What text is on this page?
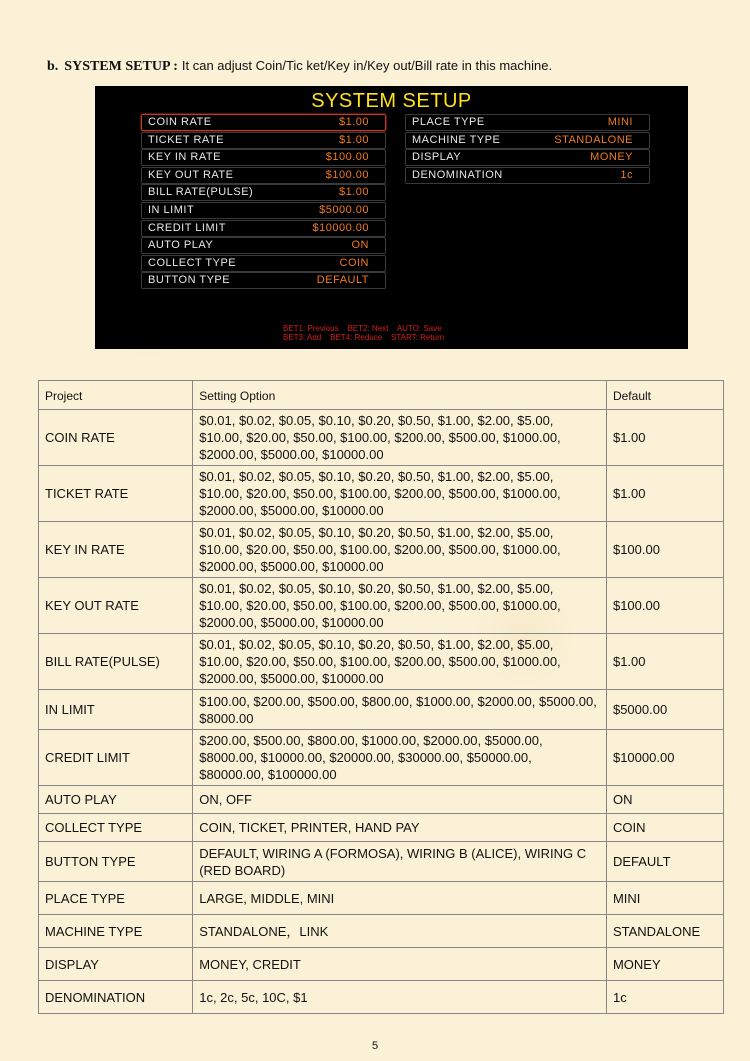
b. SYSTEM SETUP : It can adjust Coin/Tic ket/Key in/Key out/Bill rate in this machine.
SYSTEM SETUP
COIN RATE	$1.00
TICKET RATE	$1.00
KEY IN RATE	$100.00
KEY OUT RATE	$100.00
BILL RATE(PULSE)	$1.00
IN LIMIT	$5000.00
CREDIT LIMIT	$10000.00
AUTO PLAY	ON
COLLECT TYPE	COIN
BUTTON TYPE	DEFAULT
PLACE TYPE	MINI
MACHINE TYPE	STANDALONE
DISPLAY	MONEY
DENOMINATION	1c
BET1: Previous    BET2: Next    AUTO: Save
BET3: Add    BET4: Reduce    START: Return
Project	Setting Option	Default
COIN RATE	$0.01, $0.02, $0.05, $0.10, $0.20, $0.50, $1.00, $2.00, $5.00, $10.00, $20.00, $50.00, $100.00, $200.00, $500.00, $1000.00, $2000.00, $5000.00, $10000.00	$1.00
TICKET RATE	$0.01, $0.02, $0.05, $0.10, $0.20, $0.50, $1.00, $2.00, $5.00, $10.00, $20.00, $50.00, $100.00, $200.00, $500.00, $1000.00, $2000.00, $5000.00, $10000.00	$1.00
KEY IN RATE	$0.01, $0.02, $0.05, $0.10, $0.20, $0.50, $1.00, $2.00, $5.00, $10.00, $20.00, $50.00, $100.00, $200.00, $500.00, $1000.00, $2000.00, $5000.00, $10000.00	$100.00
KEY OUT RATE	$0.01, $0.02, $0.05, $0.10, $0.20, $0.50, $1.00, $2.00, $5.00, $10.00, $20.00, $50.00, $100.00, $200.00, $500.00, $1000.00, $2000.00, $5000.00, $10000.00	$100.00
BILL RATE(PULSE)	$0.01, $0.02, $0.05, $0.10, $0.20, $0.50, $1.00, $2.00, $5.00, $10.00, $20.00, $50.00, $100.00, $200.00, $500.00, $1000.00, $2000.00, $5000.00, $10000.00	$1.00
IN LIMIT	$100.00, $200.00, $500.00, $800.00, $1000.00, $2000.00, $5000.00, $8000.00	$5000.00
CREDIT LIMIT	$200.00, $500.00, $800.00, $1000.00, $2000.00, $5000.00, $8000.00, $10000.00, $20000.00, $30000.00, $50000.00, $80000.00, $100000.00	$10000.00
AUTO PLAY	ON, OFF	ON
COLLECT TYPE	COIN, TICKET, PRINTER, HAND PAY	COIN
BUTTON TYPE	DEFAULT, WIRING A (FORMOSA), WIRING B (ALICE), WIRING C (RED BOARD)	DEFAULT
PLACE TYPE	LARGE, MIDDLE, MINI	MINI
MACHINE TYPE	STANDALONE，LINK	STANDALONE
DISPLAY	MONEY, CREDIT	MONEY
DENOMINATION	1c, 2c, 5c, 10C, $1	1c
5
